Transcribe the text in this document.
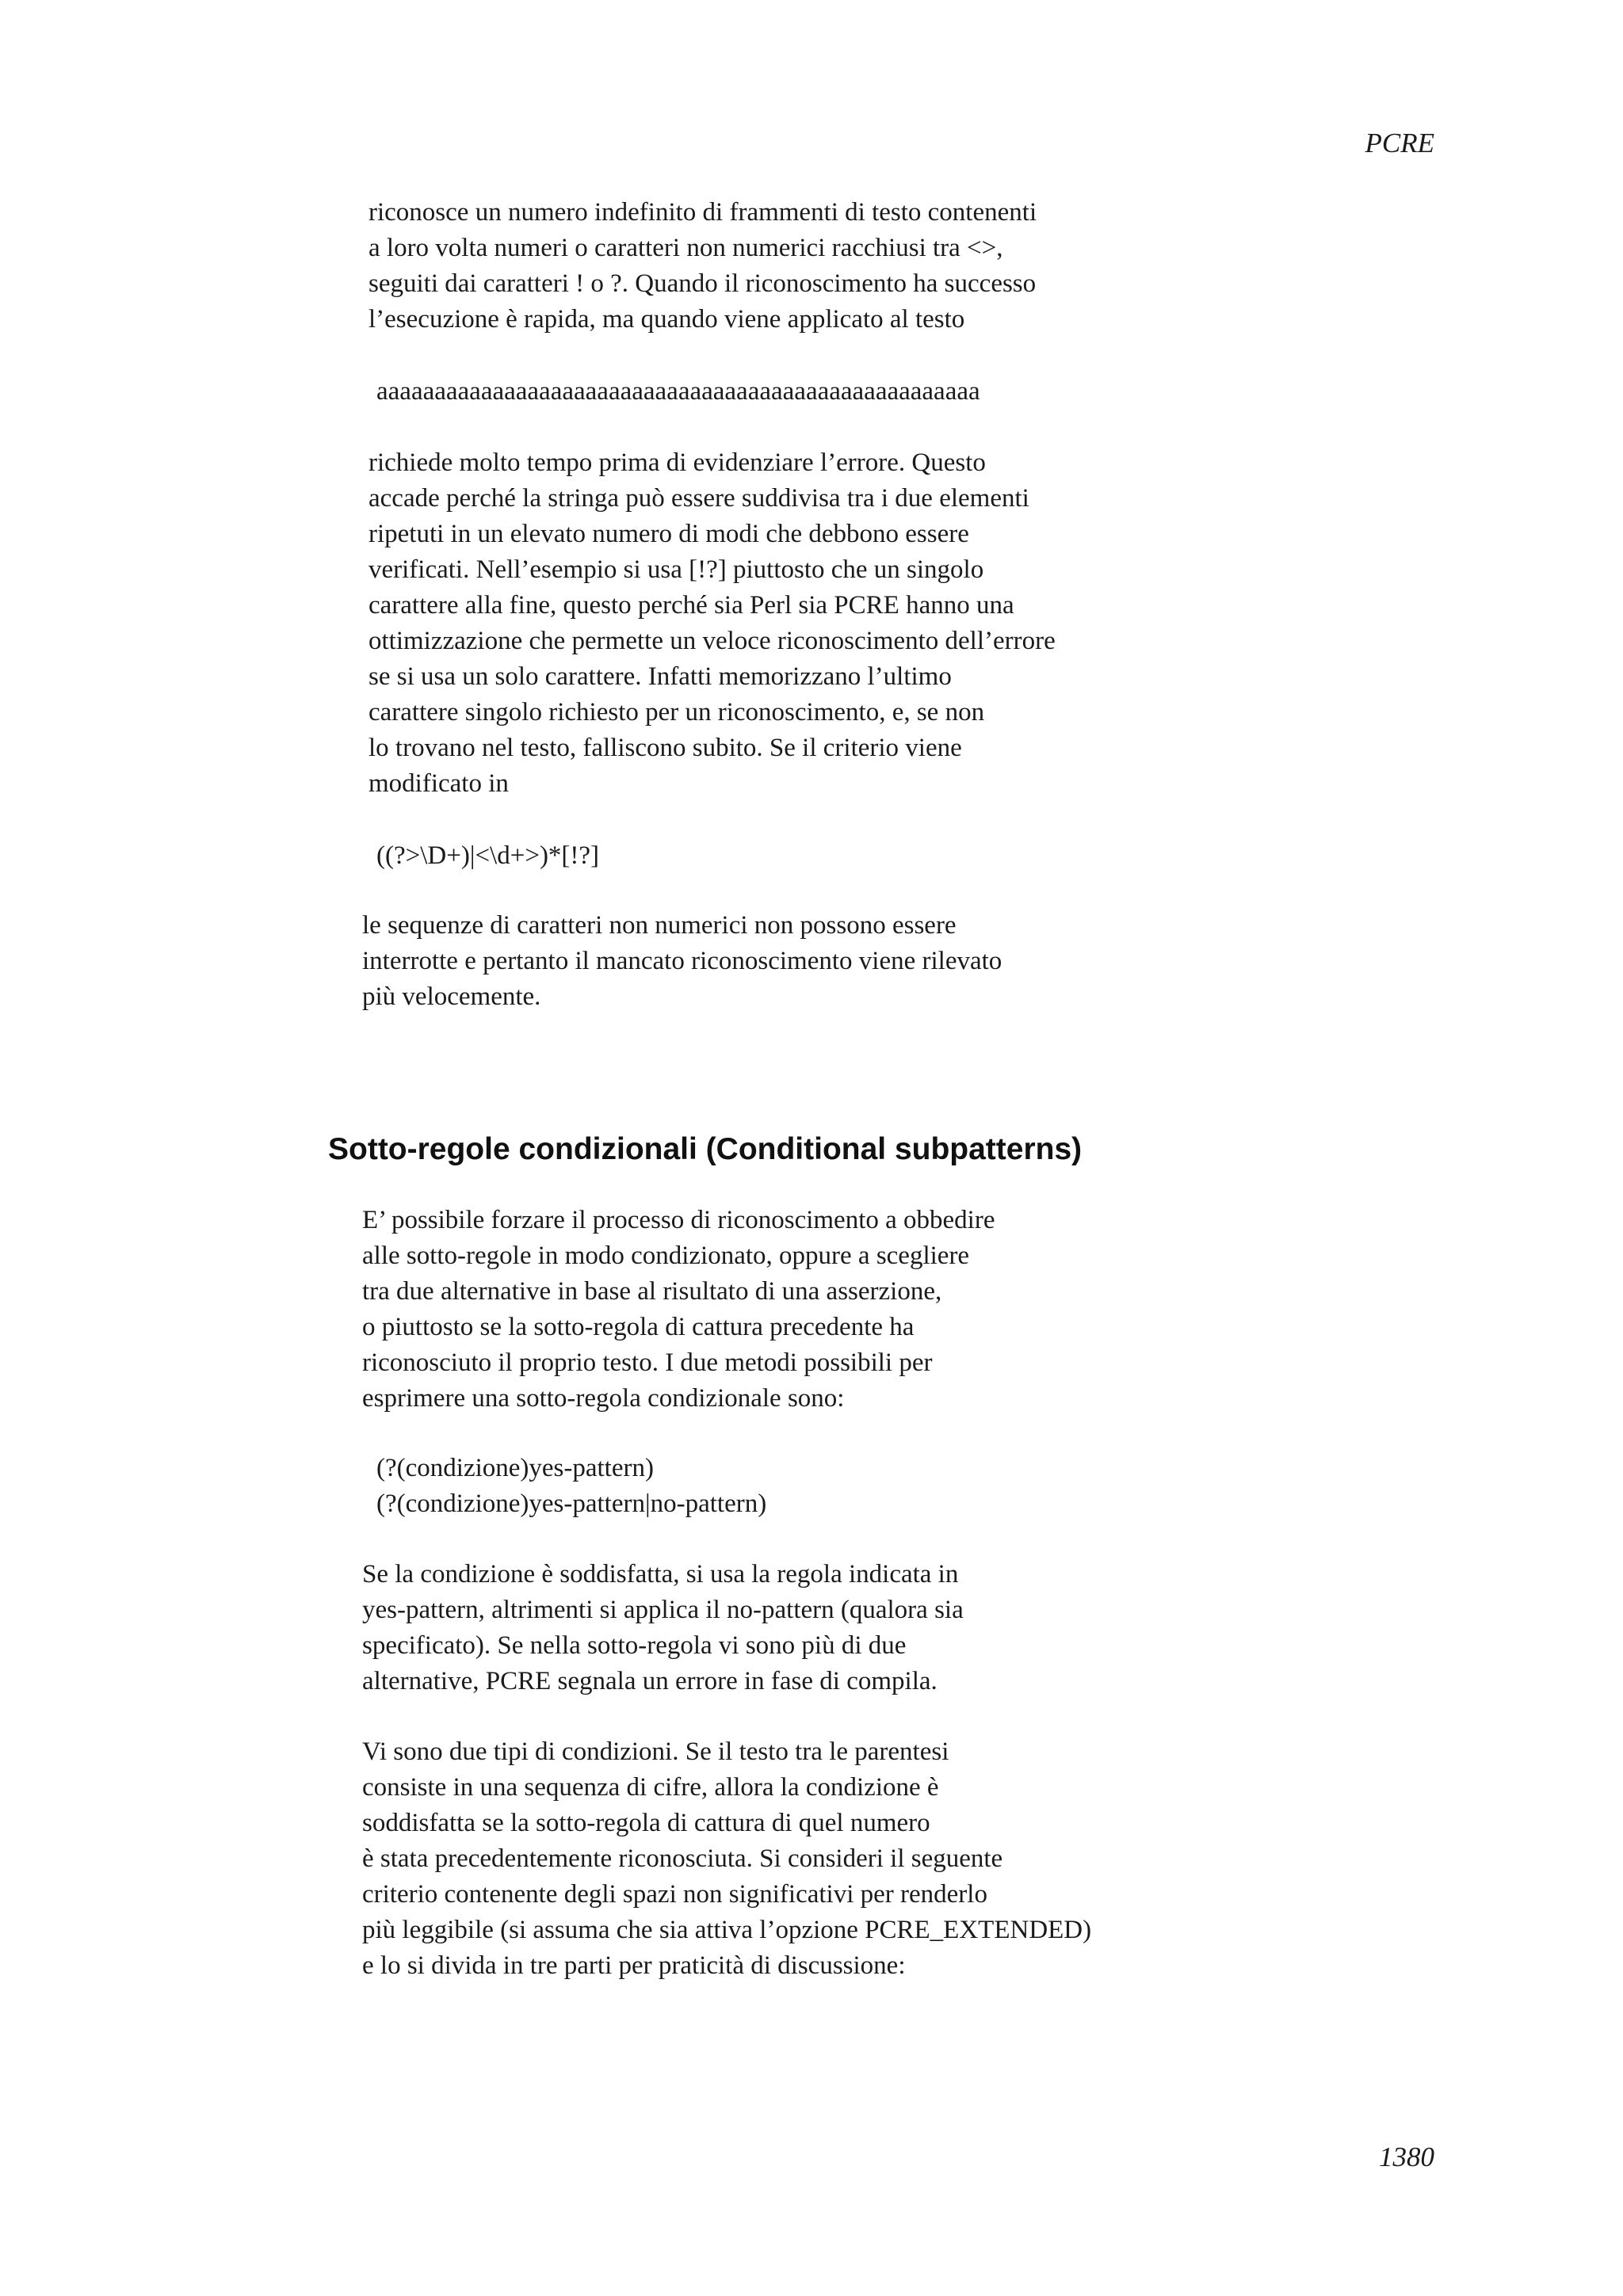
PCRE

riconosce un numero indefinito di frammenti di testo contenenti
a loro volta numeri o caratteri non numerici racchiusi tra <>,
seguiti dai caratteri ! o ?. Quando il riconoscimento ha successo
l’esecuzione è rapida, ma quando viene applicato al testo

aaaaaaaaaaaaaaaaaaaaaaaaaaaaaaaaaaaaaaaaaaaaaaaaaaaa

richiede molto tempo prima di evidenziare l’errore. Questo
accade perché la stringa può essere suddivisa tra i due elementi
ripetuti in un elevato numero di modi che debbono essere
verificati. Nell’esempio si usa [!?] piuttosto che un singolo
carattere alla fine, questo perché sia Perl sia PCRE hanno una
ottimizzazione che permette un veloce riconoscimento dell’errore
se si usa un solo carattere. Infatti memorizzano l’ultimo
carattere singolo richiesto per un riconoscimento, e, se non
lo trovano nel testo, falliscono subito. Se il criterio viene
modificato in

((?>\D+)|<\d+>)*[!?]

le sequenze di caratteri non numerici non possono essere
interrotte e pertanto il mancato riconoscimento viene rilevato
più velocemente.

Sotto-regole condizionali (Conditional subpatterns)

E’ possibile forzare il processo di riconoscimento a obbedire
alle sotto-regole in modo condizionato, oppure a scegliere
tra due alternative in base al risultato di una asserzione,
o piuttosto se la sotto-regola di cattura precedente ha
riconosciuto il proprio testo. I due metodi possibili per
esprimere una sotto-regola condizionale sono:

(?(condizione)yes-pattern)
(?(condizione)yes-pattern|no-pattern)

Se la condizione è soddisfatta, si usa la regola indicata in
yes-pattern, altrimenti si applica il no-pattern (qualora sia
specificato). Se nella sotto-regola vi sono più di due
alternative, PCRE segnala un errore in fase di compila.

Vi sono due tipi di condizioni. Se il testo tra le parentesi
consiste in una sequenza di cifre, allora la condizione è
soddisfatta se la sotto-regola di cattura di quel numero
è stata precedentemente riconosciuta. Si consideri il seguente
criterio contenente degli spazi non significativi per renderlo
più leggibile (si assuma che sia attiva l’opzione PCRE_EXTENDED)
e lo si divida in tre parti per praticità di discussione:

1380
